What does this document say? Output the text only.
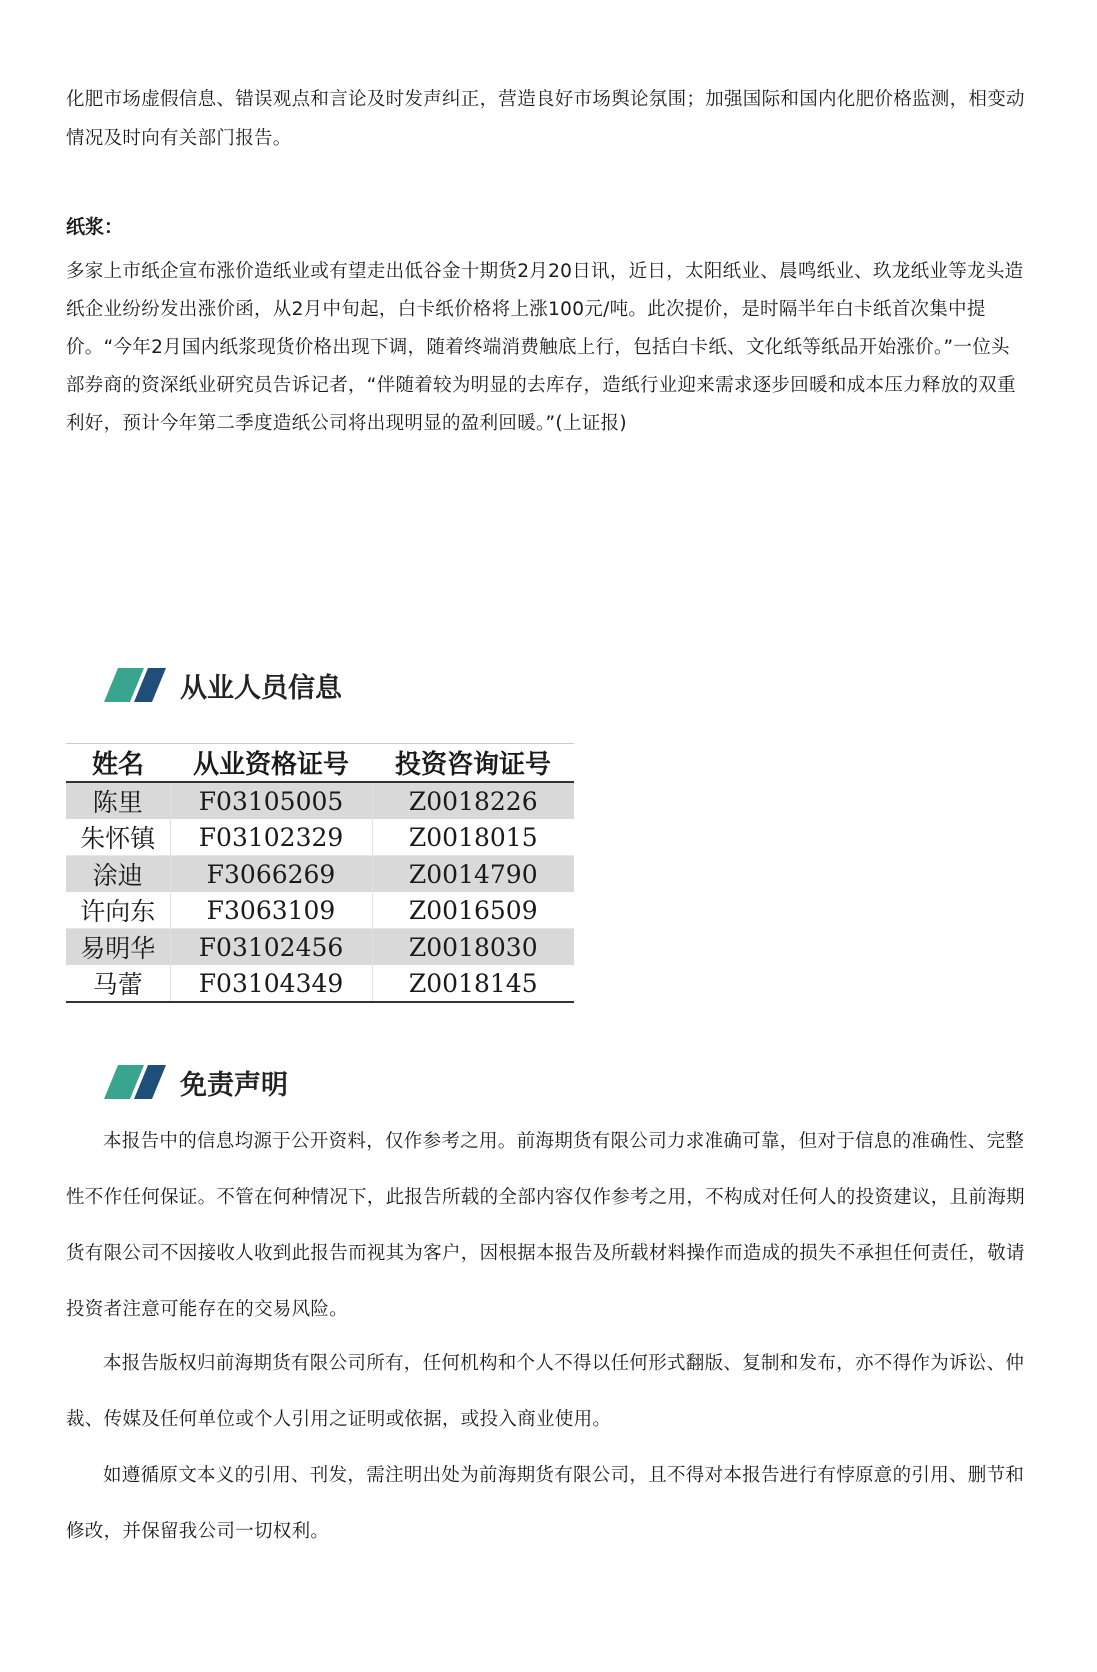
化肥市场虚假信息、错误观点和言论及时发声纠正，营造良好市场舆论氛围；加强国际和国内化肥价格监测，相变动情况及时向有关部门报告。

纸浆：

多家上市纸企宣布涨价造纸业或有望走出低谷金十期货2月20日讯，近日，太阳纸业、晨鸣纸业、玖龙纸业等龙头造纸企业纷纷发出涨价函，从2月中旬起，白卡纸价格将上涨100元/吨。此次提价，是时隔半年白卡纸首次集中提价。“今年2月国内纸浆现货价格出现下调，随着终端消费触底上行，包括白卡纸、文化纸等纸品开始涨价。”一位头部券商的资深纸业研究员告诉记者，“伴随着较为明显的去库存，造纸行业迎来需求逐步回暖和成本压力释放的双重利好，预计今年第二季度造纸公司将出现明显的盈利回暖。”(上证报)

从业人员信息
姓名	从业资格证号	投资咨询证号
陈里	F03105005	Z0018226
朱怀镇	F03102329	Z0018015
涂迪	F3066269	Z0014790
许向东	F3063109	Z0016509
易明华	F03102456	Z0018030
马蕾	F03104349	Z0018145
免责声明

本报告中的信息均源于公开资料，仅作参考之用。前海期货有限公司力求准确可靠，但对于信息的准确性、完整性不作任何保证。不管在何种情况下，此报告所载的全部内容仅作参考之用，不构成对任何人的投资建议，且前海期货有限公司不因接收人收到此报告而视其为客户，因根据本报告及所载材料操作而造成的损失不承担任何责任，敬请投资者注意可能存在的交易风险。

本报告版权归前海期货有限公司所有，任何机构和个人不得以任何形式翻版、复制和发布，亦不得作为诉讼、仲裁、传媒及任何单位或个人引用之证明或依据，或投入商业使用。

如遵循原文本义的引用、刊发，需注明出处为前海期货有限公司，且不得对本报告进行有悖原意的引用、删节和修改，并保留我公司一切权利。
